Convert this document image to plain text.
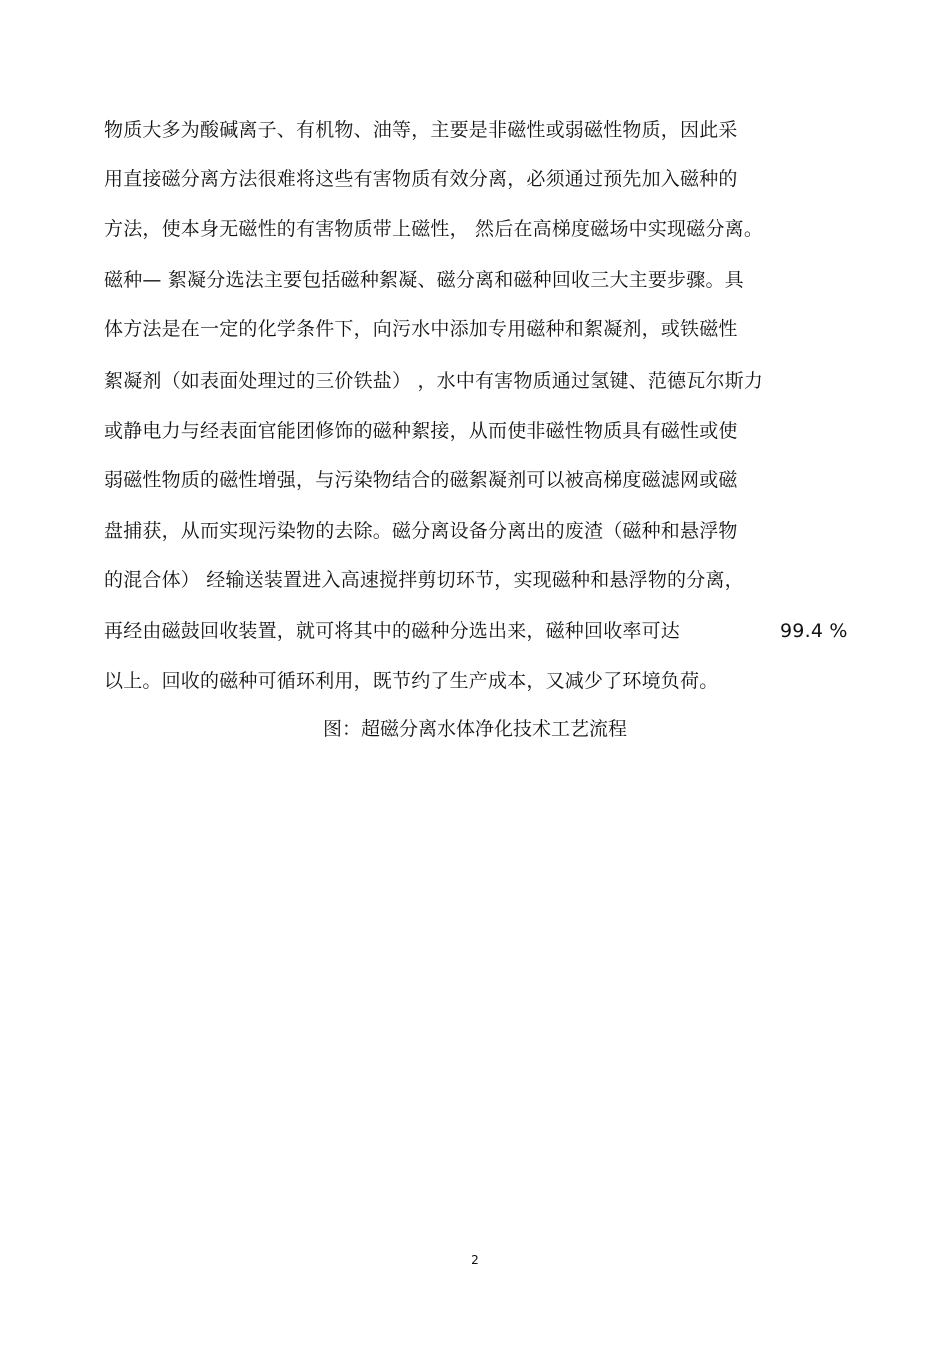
物质大多为酸碱离子、有机物、油等，主要是非磁性或弱磁性物质，因此采
用直接磁分离方法很难将这些有害物质有效分离，必须通过预先加入磁种的
方法，使本身无磁性的有害物质带上磁性， 然后在高梯度磁场中实现磁分离。
磁种— 絮凝分选法主要包括磁种絮凝、磁分离和磁种回收三大主要步骤。具
体方法是在一定的化学条件下，向污水中添加专用磁种和絮凝剂，或铁磁性
絮凝剂（如表面处理过的三价铁盐） ，水中有害物质通过氢键、范德瓦尔斯力
或静电力与经表面官能团修饰的磁种絮接，从而使非磁性物质具有磁性或使
弱磁性物质的磁性增强，与污染物结合的磁絮凝剂可以被高梯度磁滤网或磁
盘捕获，从而实现污染物的去除。磁分离设备分离出的废渣（磁种和悬浮物
的混合体） 经输送装置进入高速搅拌剪切环节，实现磁种和悬浮物的分离，
再经由磁鼓回收装置，就可将其中的磁种分选出来，磁种回收率可达	99.4 %
以上。回收的磁种可循环利用，既节约了生产成本，又减少了环境负荷。
图：超磁分离水体净化技术工艺流程
2
